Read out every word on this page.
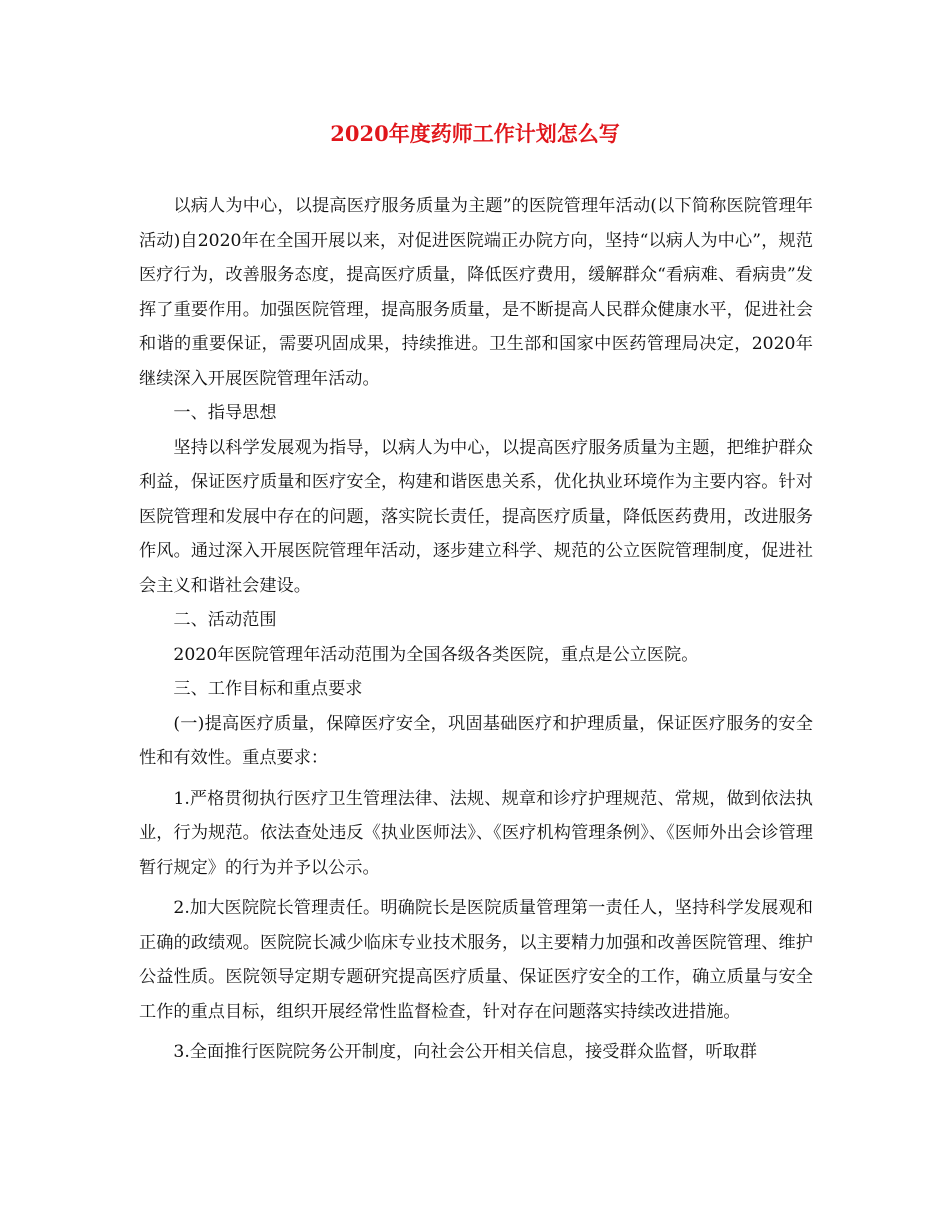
2020年度药师工作计划怎么写

以病人为中心，以提高医疗服务质量为主题”的医院管理年活动(以下简称医院管理年活动)自2020年在全国开展以来，对促进医院端正办院方向，坚持“以病人为中心”，规范医疗行为，改善服务态度，提高医疗质量，降低医疗费用，缓解群众“看病难、看病贵”发挥了重要作用。加强医院管理，提高服务质量，是不断提高人民群众健康水平，促进社会和谐的重要保证，需要巩固成果，持续推进。卫生部和国家中医药管理局决定，2020年继续深入开展医院管理年活动。

一、指导思想

坚持以科学发展观为指导，以病人为中心，以提高医疗服务质量为主题，把维护群众利益，保证医疗质量和医疗安全，构建和谐医患关系，优化执业环境作为主要内容。针对医院管理和发展中存在的问题，落实院长责任，提高医疗质量，降低医药费用，改进服务作风。通过深入开展医院管理年活动，逐步建立科学、规范的公立医院管理制度，促进社会主义和谐社会建设。

二、活动范围

2020年医院管理年活动范围为全国各级各类医院，重点是公立医院。

三、工作目标和重点要求

(一)提高医疗质量，保障医疗安全，巩固基础医疗和护理质量，保证医疗服务的安全性和有效性。重点要求：

1.严格贯彻执行医疗卫生管理法律、法规、规章和诊疗护理规范、常规，做到依法执业，行为规范。依法查处违反《执业医师法》、《医疗机构管理条例》、《医师外出会诊管理暂行规定》的行为并予以公示。

2.加大医院院长管理责任。明确院长是医院质量管理第一责任人，坚持科学发展观和正确的政绩观。医院院长减少临床专业技术服务，以主要精力加强和改善医院管理、维护公益性质。医院领导定期专题研究提高医疗质量、保证医疗安全的工作，确立质量与安全工作的重点目标，组织开展经常性监督检查，针对存在问题落实持续改进措施。

3.全面推行医院院务公开制度，向社会公开相关信息，接受群众监督，听取群
